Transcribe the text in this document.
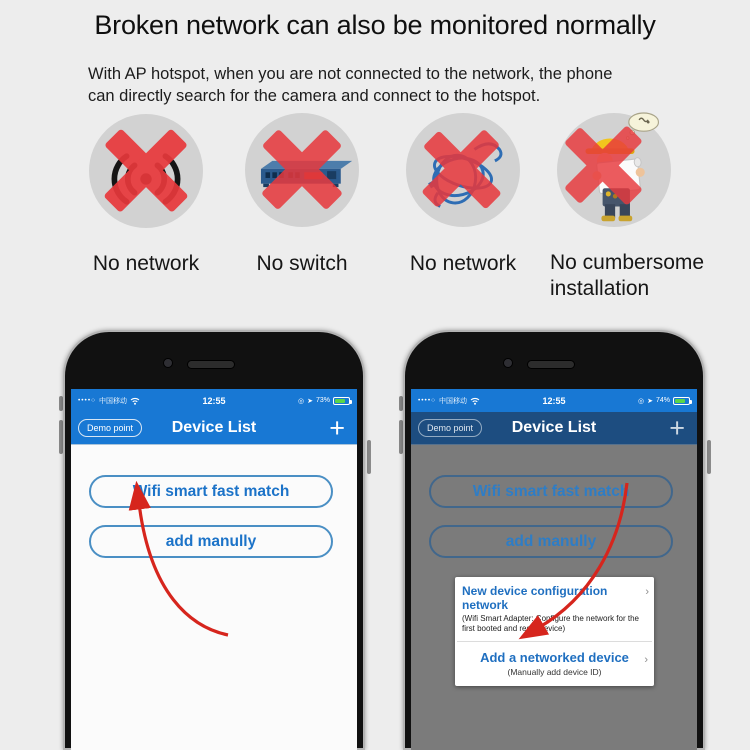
Broken network can also be monitored normally
With AP hotspot, when you are not connected to the network, the phone
can directly search for the camera and connect to the hotspot.
No network	No switch	No network	No cumbersome installation
••••○ 中国移动	12:55	◎ ➤ 73%
Demo point	Device List	+
Wifi smart fast match
add manully
••••○ 中国移动	12:55	◎ ➤ 74%
Demo point	Device List	+
Wifi smart fast match
add manully
New device configuration network
›
(Wifi Smart Adapter: Configure the network for the first booted and reset device)
Add a networked device	›
(Manually add device ID)
